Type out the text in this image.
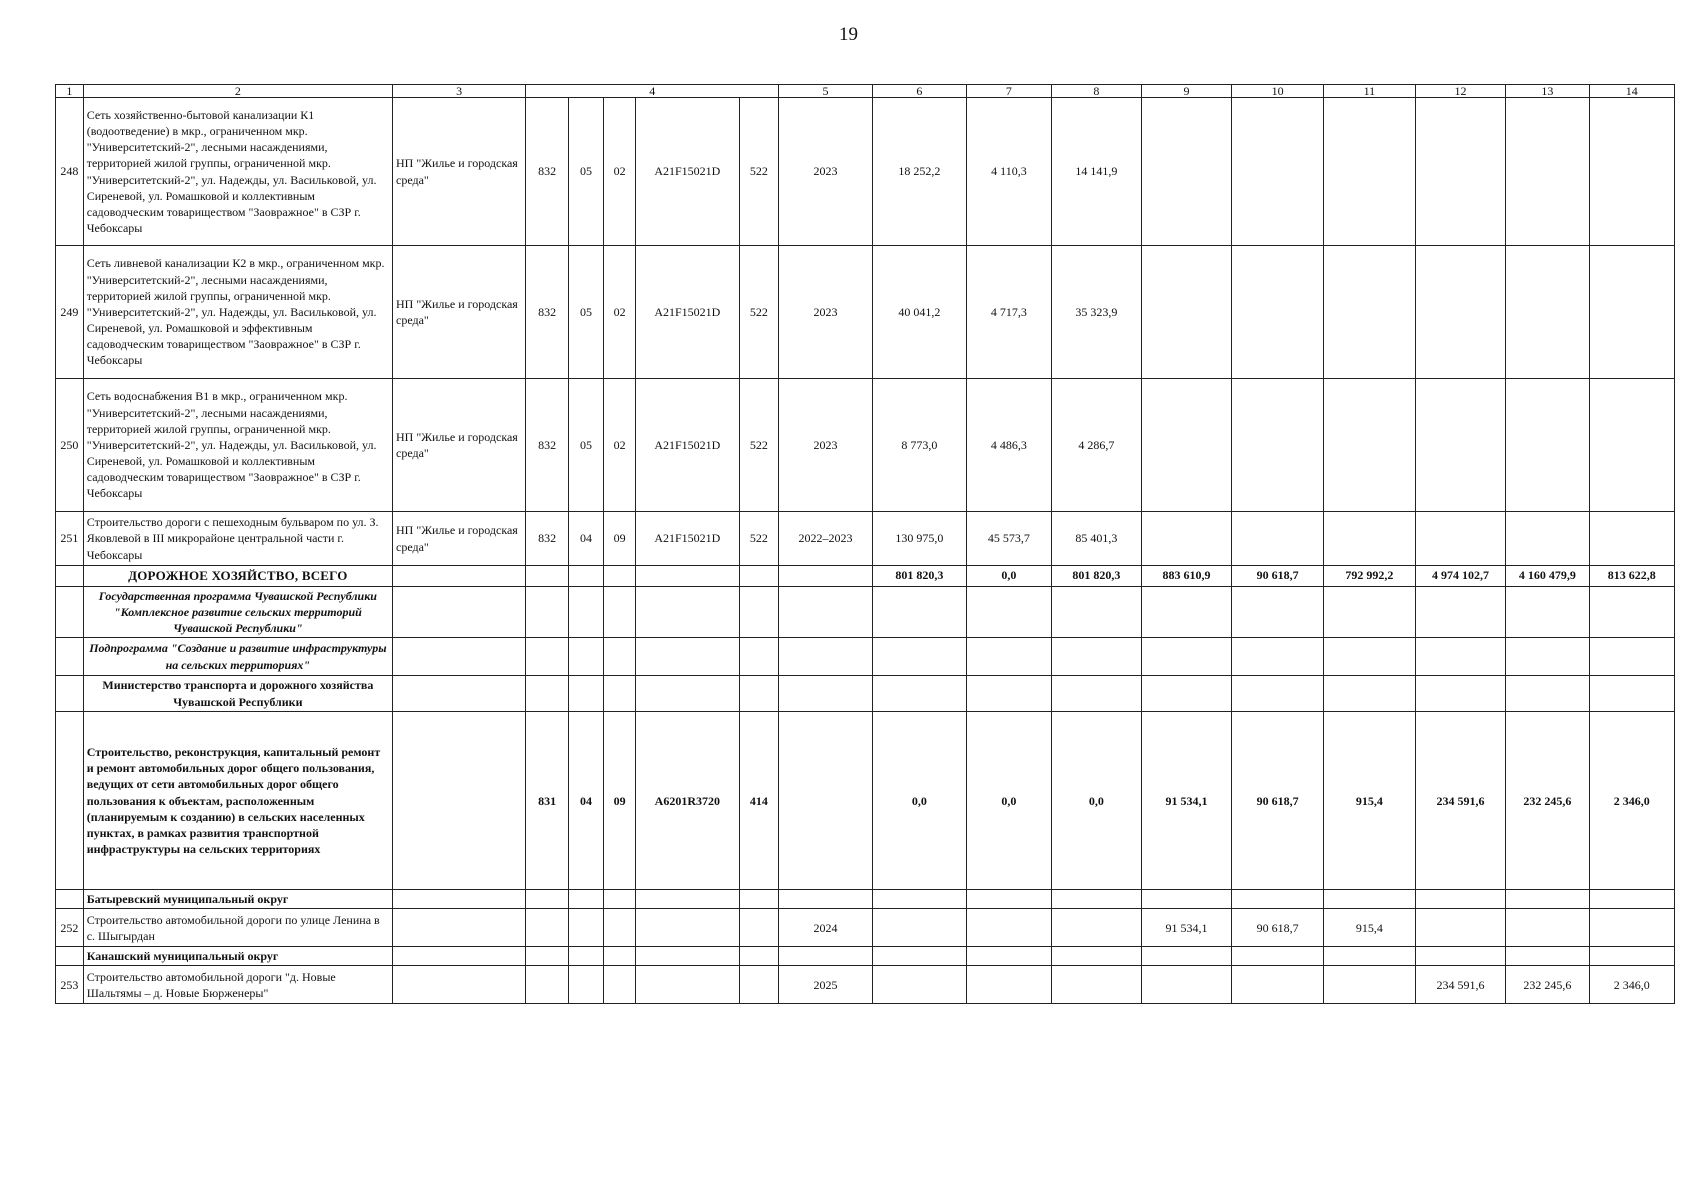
19
1	2	3	4					5	6	7	8	9	10	11	12	13	14
248	Сеть хозяйственно-бытовой канализации К1 (водоотведение) в мкр., ограниченном мкр. "Университетский-2", лесными насаждениями, территорией жилой группы, ограниченной мкр. "Университетский-2", ул. Надежды, ул. Васильковой, ул. Сиреневой, ул. Ромашковой и коллективным садоводческим товариществом "Заовражное" в СЗР г. Чебоксары	НП "Жилье и городская среда"	832	05	02	A21F15021D	522	2023	18 252,2	4 110,3	14 141,9						
249	Сеть ливневой канализации К2 в мкр., ограниченном мкр. "Университетский-2", лесными насаждениями, территорией жилой группы, ограниченной мкр. "Университетский-2", ул. Надежды, ул. Васильковой, ул. Сиреневой, ул. Ромашковой и эффективным садоводческим товариществом "Заовражное" в СЗР г. Чебоксары	НП "Жилье и городская среда"	832	05	02	A21F15021D	522	2023	40 041,2	4 717,3	35 323,9						
250	Сеть водоснабжения В1 в мкр., ограниченном мкр. "Университетский-2", лесными насаждениями, территорией жилой группы, ограниченной мкр. "Университетский-2", ул. Надежды, ул. Васильковой, ул. Сиреневой, ул. Ромашковой и коллективным садоводческим товариществом "Заовражное" в СЗР г. Чебоксары	НП "Жилье и городская среда"	832	05	02	A21F15021D	522	2023	8 773,0	4 486,3	4 286,7						
251	Строительство дороги с пешеходным бульваром по ул. З. Яковлевой в III микрорайоне центральной части г. Чебоксары	НП "Жилье и городская среда"	832	04	09	A21F15021D	522	2022–2023	130 975,0	45 573,7	85 401,3						
	ДОРОЖНОЕ ХОЗЯЙСТВО, ВСЕГО								801 820,3	0,0	801 820,3	883 610,9	90 618,7	792 992,2	4 974 102,7	4 160 479,9	813 622,8
	Государственная программа Чувашской Республики "Комплексное развитие сельских территорий Чувашской Республики"																
	Подпрограмма "Создание и развитие инфраструктуры на сельских территориях"																
	Министерство транспорта и дорожного хозяйства Чувашской Республики																
	Строительство, реконструкция, капитальный ремонт и ремонт автомобильных дорог общего пользования, ведущих от сети автомобильных дорог общего пользования к объектам, расположенным (планируемым к созданию) в сельских населенных пунктах, в рамках развития транспортной инфраструктуры на сельских территориях		831	04	09	A6201R3720	414		0,0	0,0	0,0	91 534,1	90 618,7	915,4	234 591,6	232 245,6	2 346,0
	Батыревский муниципальный округ																
252	Строительство автомобильной дороги по улице Ленина в с. Шыгырдан							2024				91 534,1	90 618,7	915,4			
	Канашский муниципальный округ																
253	Строительство автомобильной дороги "д. Новые Шальтямы – д. Новые Бюрженеры"							2025							234 591,6	232 245,6	2 346,0
